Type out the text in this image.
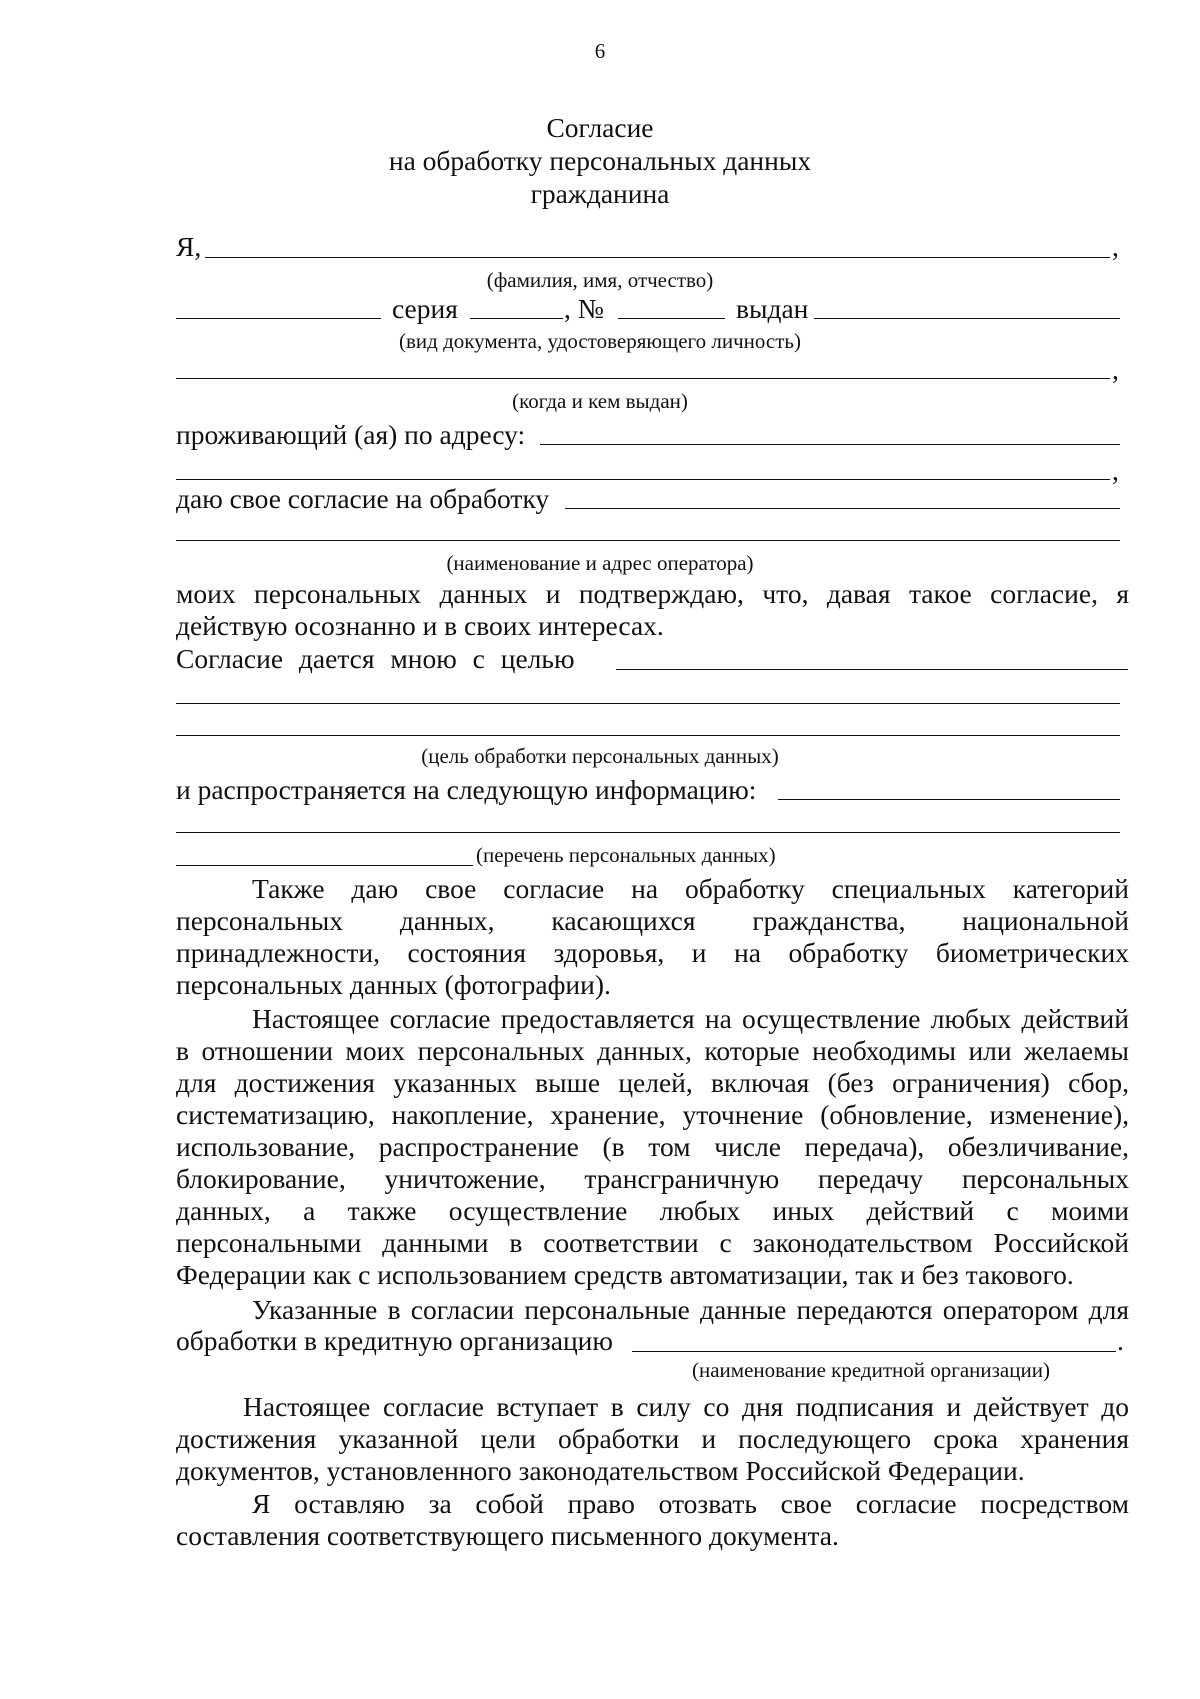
6
Согласие
на обработку персональных данных
гражданина
Я,	,
(фамилия, имя, отчество)
серия	, №	выдан
(вид документа, удостоверяющего личность)
,
(когда и кем выдан)
проживающий (ая) по адресу:
,
даю свое согласие на обработку
(наименование и адрес оператора)
моих персональных данных и подтверждаю, что, давая такое согласие, я
действую осознанно и в своих интересах.
Согласие дается мною с целью
(цель обработки персональных данных)
и распространяется на следующую информацию:
(перечень персональных данных)
Также даю свое согласие на обработку специальных категорий
персональных данных, касающихся гражданства, национальной
принадлежности, состояния здоровья, и на обработку биометрических
персональных данных (фотографии).
Настоящее согласие предоставляется на осуществление любых действий
в отношении моих персональных данных, которые необходимы или желаемы
для достижения указанных выше целей, включая (без ограничения) сбор,
систематизацию, накопление, хранение, уточнение (обновление, изменение),
использование, распространение (в том числе передача), обезличивание,
блокирование, уничтожение, трансграничную передачу персональных
данных, а также осуществление любых иных действий с моими
персональными данными в соответствии с законодательством Российской
Федерации как с использованием средств автоматизации, так и без такового.
Указанные в согласии персональные данные передаются оператором для
обработки в кредитную организацию	.
(наименование кредитной организации)
Настоящее согласие вступает в силу со дня подписания и действует до
достижения указанной цели обработки и последующего срока хранения
документов, установленного законодательством Российской Федерации.
Я оставляю за собой право отозвать свое согласие посредством
составления соответствующего письменного документа.
